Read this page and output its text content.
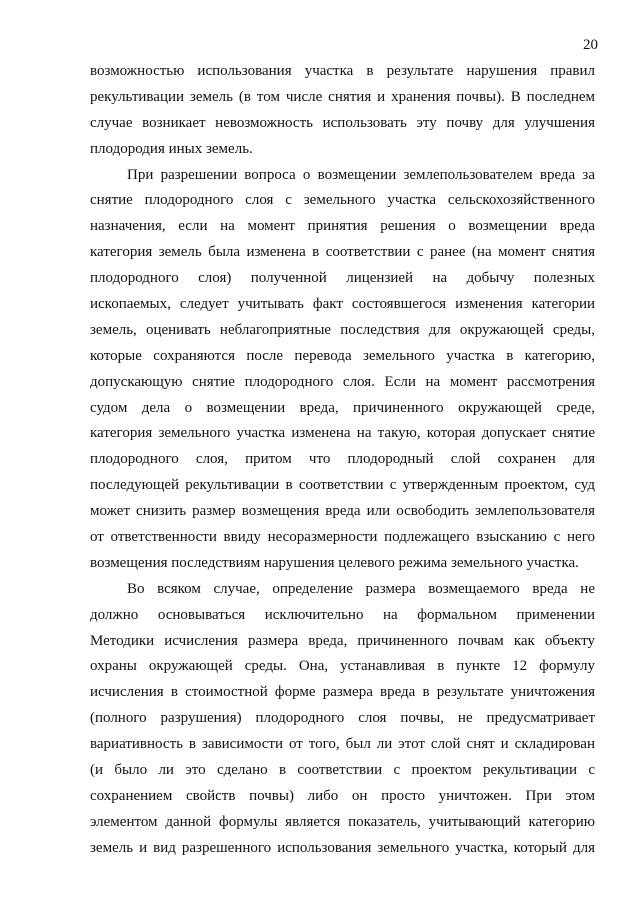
20
возможностью использования участка в результате нарушения правил
рекультивации земель (в том числе снятия и хранения почвы). В последнем
случае возникает невозможность использовать эту почву для улучшения
плодородия иных земель.
При разрешении вопроса о возмещении землепользователем вреда за
снятие плодородного слоя с земельного участка сельскохозяйственного
назначения, если на момент принятия решения о возмещении вреда
категория земель была изменена в соответствии с ранее (на момент снятия
плодородного слоя) полученной лицензией на добычу полезных
ископаемых, следует учитывать факт состоявшегося изменения категории
земель, оценивать неблагоприятные последствия для окружающей среды,
которые сохраняются после перевода земельного участка в категорию,
допускающую снятие плодородного слоя. Если на момент рассмотрения
судом дела о возмещении вреда, причиненного окружающей среде,
категория земельного участка изменена на такую, которая допускает снятие
плодородного слоя, притом что плодородный слой сохранен для
последующей рекультивации в соответствии с утвержденным проектом, суд
может снизить размер возмещения вреда или освободить землепользователя
от ответственности ввиду несоразмерности подлежащего взысканию с него
возмещения последствиям нарушения целевого режима земельного участка.
Во всяком случае, определение размера возмещаемого вреда не
должно основываться исключительно на формальном применении
Методики исчисления размера вреда, причиненного почвам как объекту
охраны окружающей среды. Она, устанавливая в пункте 12 формулу
исчисления в стоимостной форме размера вреда в результате уничтожения
(полного разрушения) плодородного слоя почвы, не предусматривает
вариативность в зависимости от того, был ли этот слой снят и складирован
(и было ли это сделано в соответствии с проектом рекультивации с
сохранением свойств почвы) либо он просто уничтожен. При этом
элементом данной формулы является показатель, учитывающий категорию
земель и вид разрешенного использования земельного участка, который для
